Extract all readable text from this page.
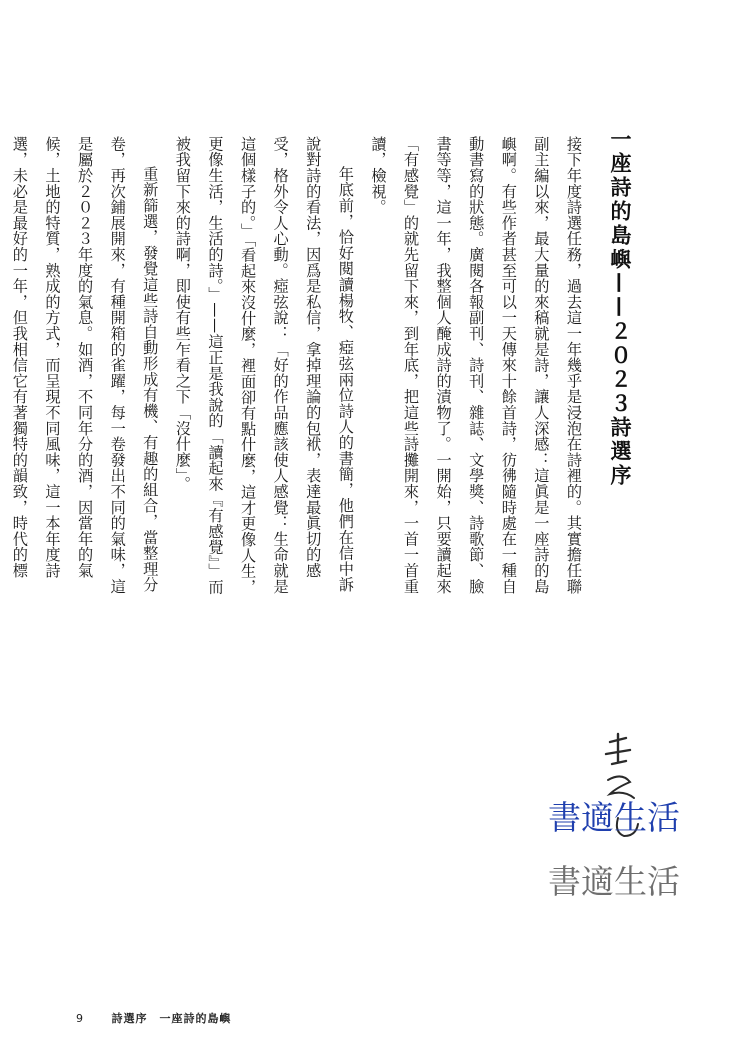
一座詩的島嶼——２０２３詩選序

接下年度詩選任務，過去這一年幾乎是浸泡在詩裡的。其實擔任聯副主編以來，最大量的來稿就是詩，讓人深感：這眞是一座詩的島嶼啊。有些作者甚至可以一天傳來十餘首詩，彷彿隨時處在一種自動書寫的狀態。廣閱各報副刊、詩刊、雜誌、文學獎、詩歌節、臉書等等，這一年，我整個人醃成詩的漬物了。一開始，只要讀起來「有感覺」的就先留下來，到年底，把這些詩攤開來，一首一首重讀，檢視。

年底前，恰好閱讀楊牧、瘂弦兩位詩人的書簡，他們在信中訴說對詩的看法，因爲是私信，拿掉理論的包袱，表達最眞切的感受，格外令人心動。瘂弦說：「好的作品應該使人感覺：生命就是這個樣子的。」「看起來沒什麼，裡面卻有點什麼，這才更像人生，更像生活，生活的詩。」——這正是我說的「讀起來『有感覺』」而被我留下來的詩啊，即使有些乍看之下「沒什麼」。

重新篩選，發覺這些詩自動形成有機、有趣的組合，當整理分卷，再次鋪展開來，有種開箱的雀躍，每一卷發出不同的氣味，這是屬於２０２３年度的氣息。如酒，不同年分的酒，因當年的氣候，土地的特質，熟成的方式，而呈現不同風味，這一本年度詩選，未必是最好的一年，但我相信它有著獨特的韻致，時代的標

書適生活
書適生活
9	詩選序　一座詩的島嶼
